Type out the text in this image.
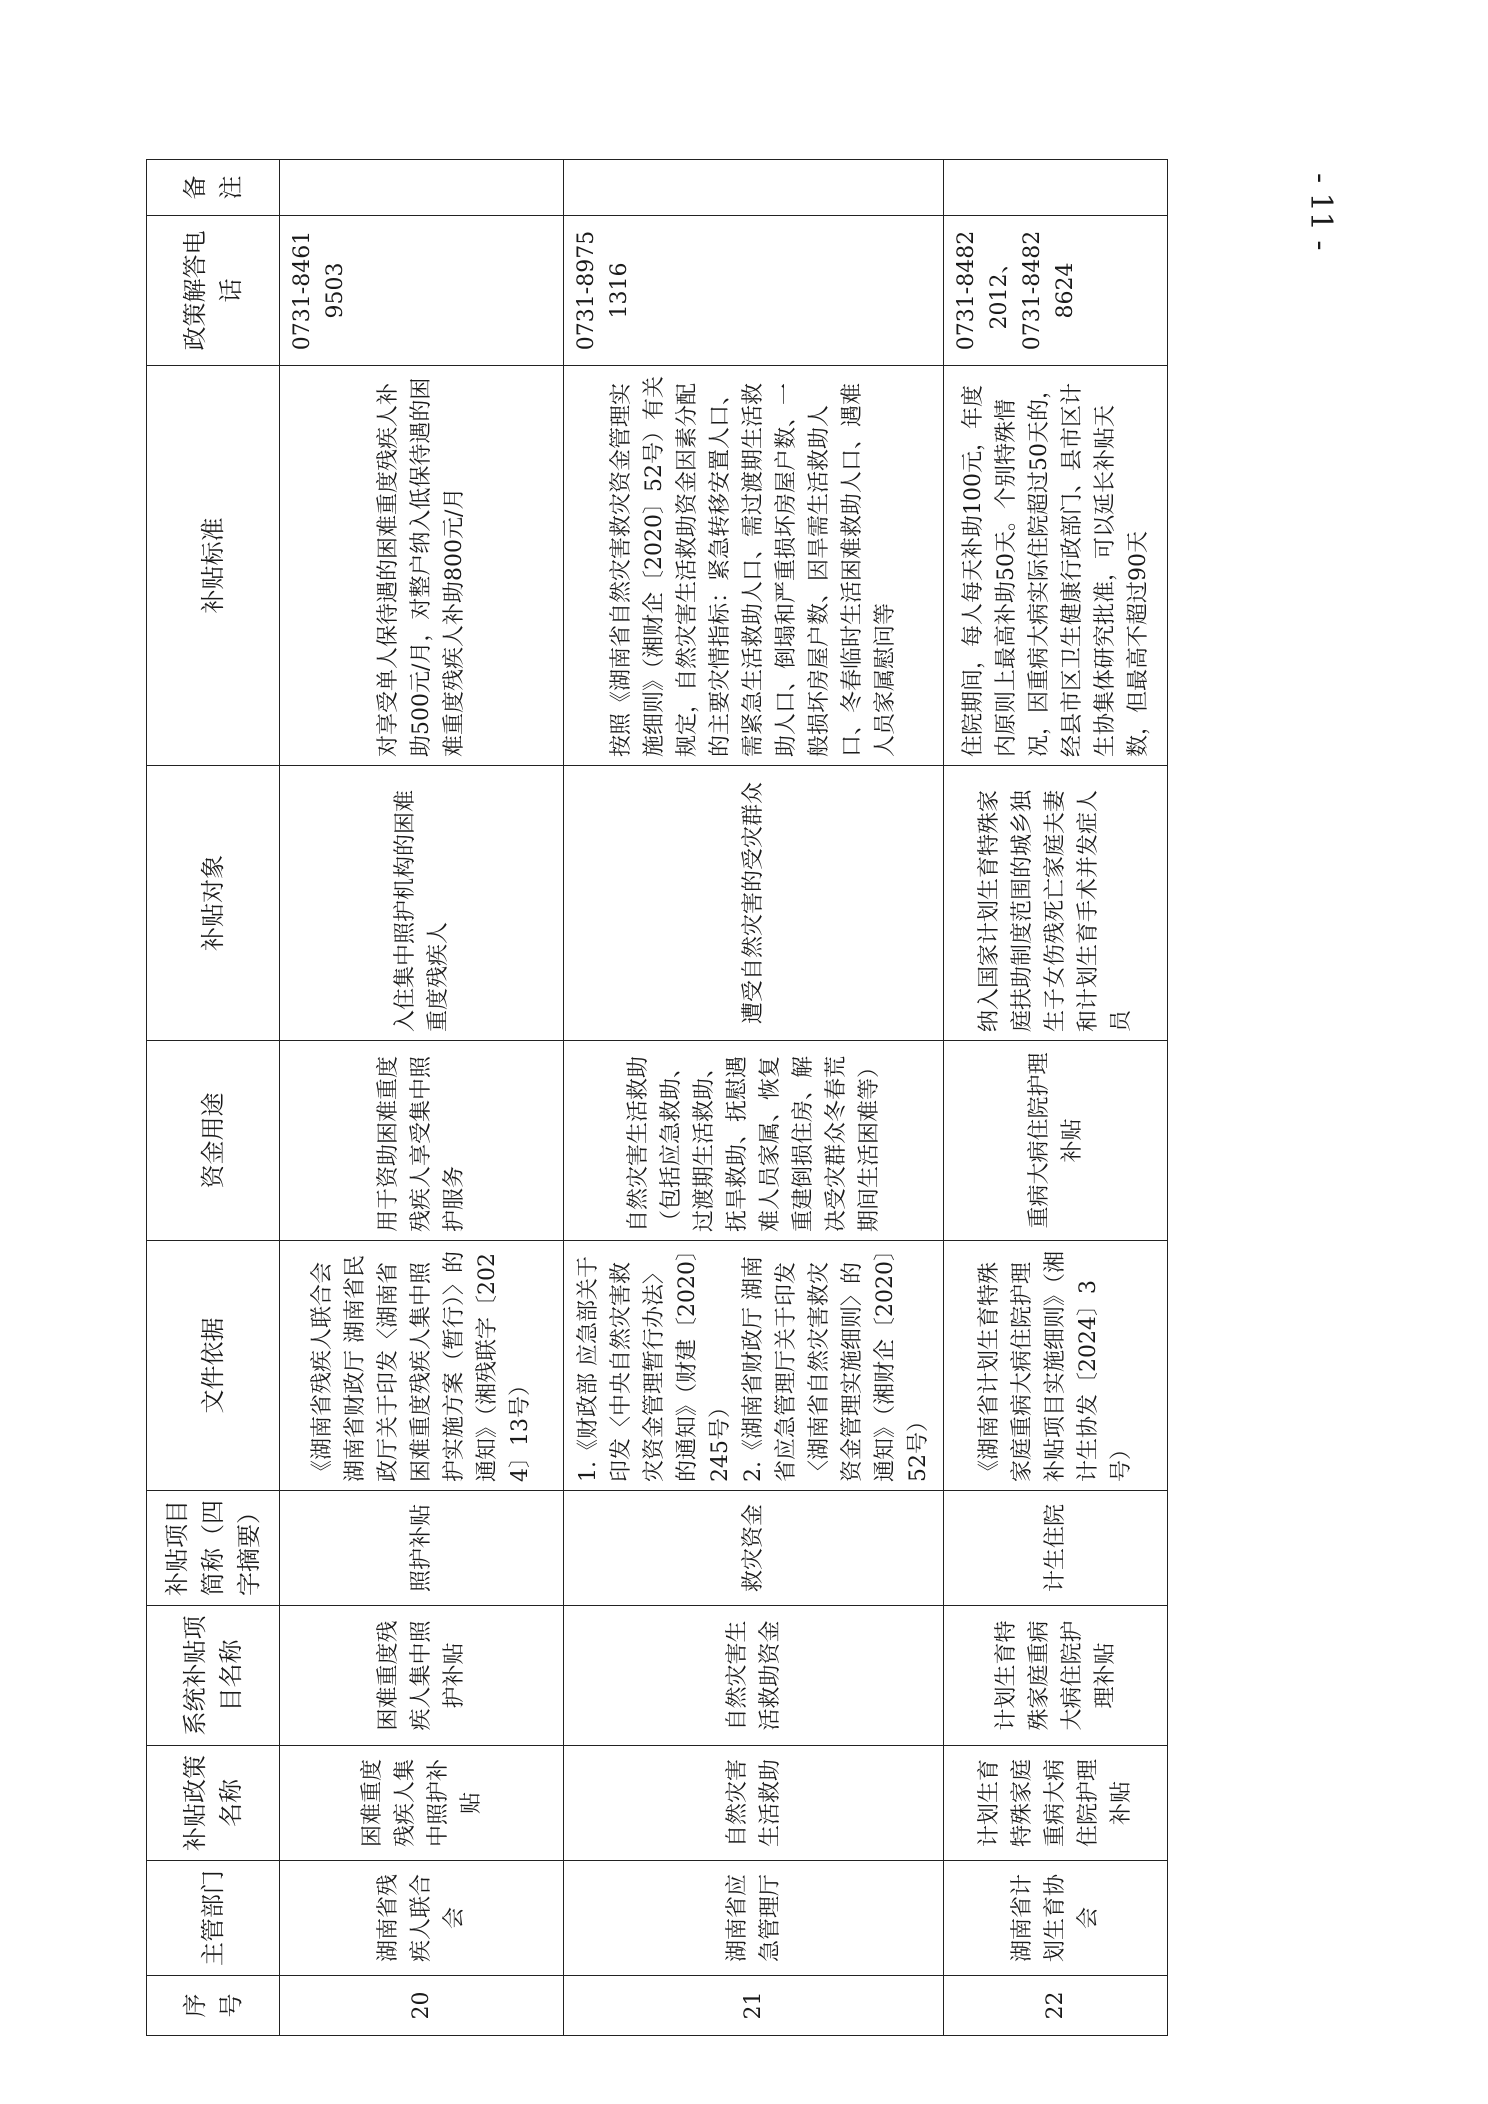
- 11 -
序号	主管部门	补贴政策名称	系统补贴项目名称	补贴项目简称（四字摘要）	文件依据	资金用途	补贴对象	补贴标准	政策解答电话	备注
20	湖南省残疾人联合会	困难重度残疾人集中照护补贴	困难重度残疾人集中照护补贴	照护补贴	《湖南省残疾人联合会 湖南省财政厅 湖南省民政厅关于印发〈湖南省困难重度残疾人集中照护实施方案（暂行）〉的通知》（湘残联字〔2024〕13号）	用于资助困难重度残疾人享受集中照护服务	入住集中照护机构的困难重度残疾人	对享受单人保待遇的困难重度残疾人补助500元/月，对整户纳入低保待遇的困难重度残疾人补助800元/月	0731-84619503	

21	湖南省应急管理厅	自然灾害生活救助	自然灾害生活救助资金	救灾资金	1.《财政部 应急部关于印发〈中央自然灾害救灾资金管理暂行办法〉的通知》（财建〔2020〕245号） 2.《湖南省财政厅 湖南省应急管理厅关于印发〈湖南省自然灾害救灾资金管理实施细则〉的通知》（湘财企〔2020〕52号）	自然灾害生活救助（包括应急救助、过渡期生活救助、抚旱救助、抚慰遇难人员家属、恢复重建倒损住房、解决受灾群众冬春荒期间生活困难等）	遭受自然灾害的受灾群众	按照《湖南省自然灾害救灾资金管理实施细则》（湘财企〔2020〕52号）有关规定，自然灾害生活救助资金因素分配的主要灾情指标：紧急转移安置人口、需紧急生活救助人口、需过渡期生活救助人口、倒塌和严重损坏房屋户数、一般损坏房屋户数、因旱需生活救助人口、冬春临时生活困难救助人口、遇难人员家属慰问等	0731-89751316	

22	湖南省计划生育协会	计划生育特殊家庭重病大病住院护理补贴	计划生育特殊家庭重病大病住院护理补贴	计生住院	《湖南省计划生育特殊家庭重病大病住院护理补贴项目实施细则》（湘计生协发〔2024〕3号）	重病大病住院护理补贴	纳入国家计划生育特殊家庭扶助制度范围的城乡独生子女伤残死亡家庭夫妻和计划生育手术并发症人员	住院期间，每人每天补助100元，年度内原则上最高补助50天。个别特殊情况，因重病大病实际住院超过50天的，经县市区卫生健康行政部门、县市区计生协集体研究批准，可以延长补贴天数，但最高不超过90天	0731-84822012、 0731-84828624	
